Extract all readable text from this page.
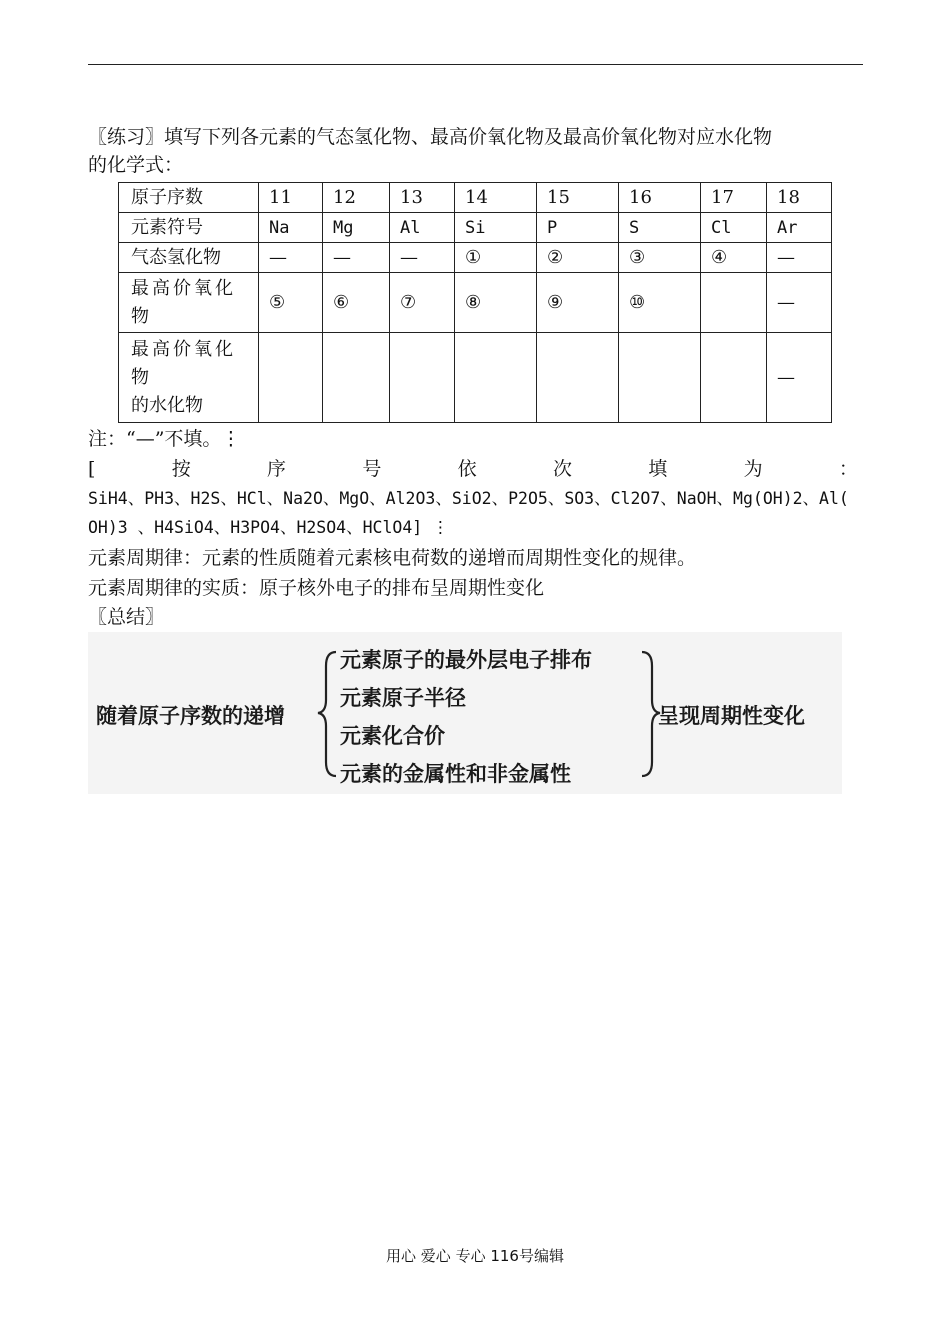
〖练习〗填写下列各元素的气态氢化物、最高价氧化物及最高价氧化物对应水化物
的化学式：
原子序数	11	12	13	14	15	16	17	18
元素符号	Na	Mg	Al	Si	P	S	Cl	Ar
气态氢化物	—	—	—	①	②	③	④	—

最高价氧化
物	⑤	⑥	⑦	⑧	⑨	⑩		—

最高价氧化
物
的水化物								—
注：“—”不填。⋮
[	按	序	号	依	次	填	为	：
SiH4、PH3、H2S、HCl、Na2O、MgO、Al2O3、SiO2、P2O5、SO3、Cl2O7、NaOH、Mg(OH)2、Al(
OH)3 、H4SiO4、H3PO4、H2SO4、HClO4] ⋮
元素周期律：元素的性质随着元素核电荷数的递增而周期性变化的规律。
元素周期律的实质：原子核外电子的排布呈周期性变化
〖总结〗
随着原子序数的递增
元素原子的最外层电子排布
元素原子半径
元素化合价
元素的金属性和非金属性
呈现周期性变化
用心 爱心 专心 116号编辑
